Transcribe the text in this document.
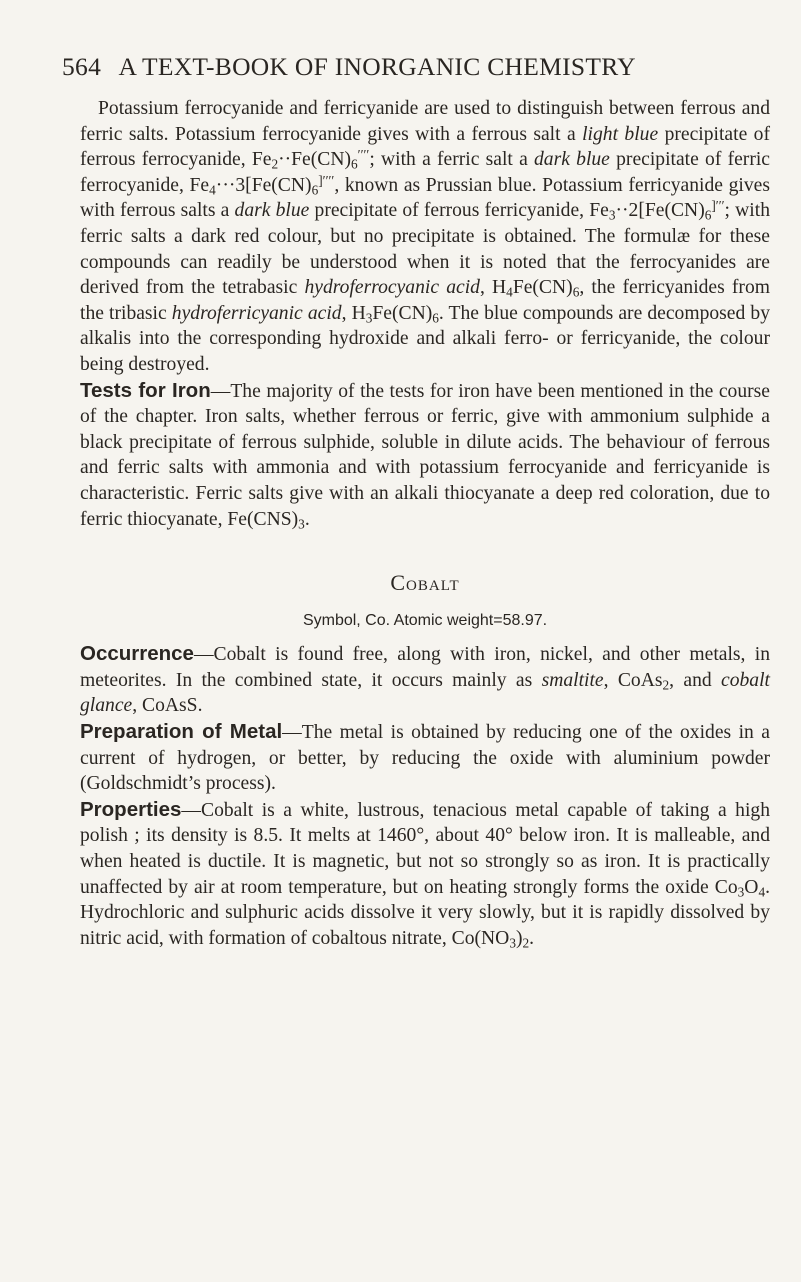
564 A TEXT-BOOK OF INORGANIC CHEMISTRY

Potassium ferrocyanide and ferricyanide are used to distinguish between ferrous and ferric salts. Potassium ferrocyanide gives with a ferrous salt a light blue precipitate of ferrous ferrocyanide, $Fe_2\cdot\cdot Fe(CN)_6''''$; with a ferric salt a dark blue precipitate of ferric ferrocyanide, $Fe_4\cdot\cdot\cdot 3[Fe(CN)_6^{]''''}$, known as Prussian blue. Potassium ferricyanide gives with ferrous salts a dark blue precipitate of ferrous ferricyanide, $Fe_3\cdot\cdot 2[Fe(CN)_6^{]'''}$; with ferric salts a dark red colour, but no precipitate is obtained. The formulæ for these compounds can readily be understood when it is noted that the ferrocyanides are derived from the tetrabasic hydroferrocyanic acid, $H_4Fe(CN)_6$, the ferricyanides from the tribasic hydroferricyanic acid, $H_3Fe(CN)_6$. The blue compounds are decomposed by alkalis into the corresponding hydroxide and alkali ferro- or ferricyanide, the colour being destroyed.

Tests for Iron—The majority of the tests for iron have been mentioned in the course of the chapter. Iron salts, whether ferrous or ferric, give with ammonium sulphide a black precipitate of ferrous sulphide, soluble in dilute acids. The behaviour of ferrous and ferric salts with ammonia and with potassium ferrocyanide and ferricyanide is characteristic. Ferric salts give with an alkali thiocyanate a deep red coloration, due to ferric thiocyanate, $Fe(CNS)_3$.

Cobalt
Symbol, Co. Atomic weight=58.97.

Occurrence—Cobalt is found free, along with iron, nickel, and other metals, in meteorites. In the combined state, it occurs mainly as smaltite, CoAs$_2$, and cobalt glance, CoAsS.

Preparation of Metal—The metal is obtained by reducing one of the oxides in a current of hydrogen, or better, by reducing the oxide with aluminium powder (Goldschmidt’s process).

Properties—Cobalt is a white, lustrous, tenacious metal capable of taking a high polish ; its density is 8.5. It melts at 1460°, about 40° below iron. It is malleable, and when heated is ductile. It is magnetic, but not so strongly so as iron. It is practically unaffected by air at room temperature, but on heating strongly forms the oxide $Co_3O_4$. Hydrochloric and sulphuric acids dissolve it very slowly, but it is rapidly dissolved by nitric acid, with formation of cobaltous nitrate, $Co(NO_3)_2$.
